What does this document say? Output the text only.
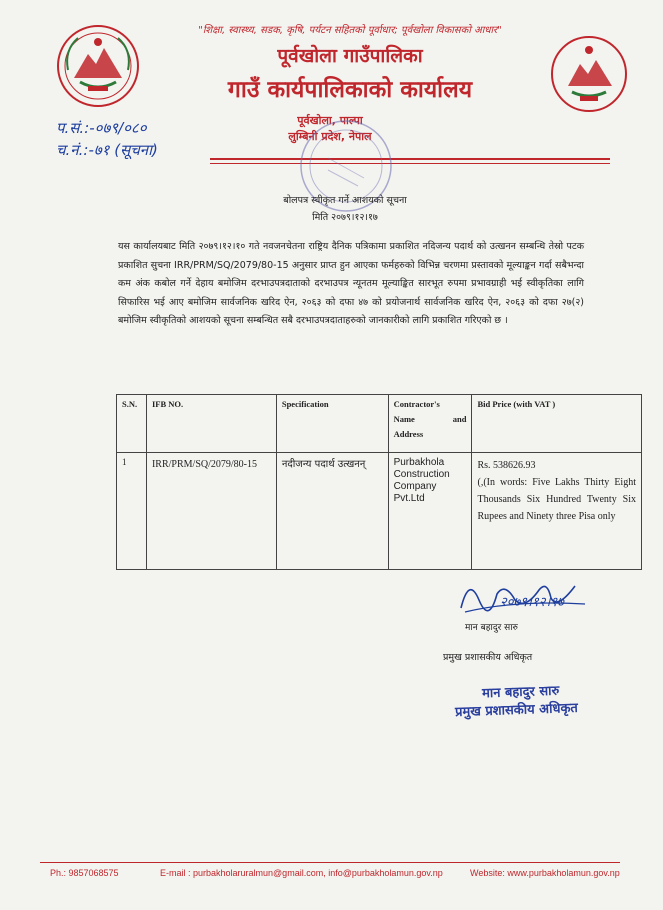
"शिक्षा, स्वास्थ्य, सडक, कृषि, पर्यटन सहितको पूर्वाधार; पूर्वखोला विकासको आधार"
पूर्वखोला गाउँपालिका
गाउँ कार्यपालिकाको कार्यालय
पूर्वखोला, पाल्पा
लुम्बिनी प्रदेश, नेपाल
प.सं.:-०७९/०८०
च.नं.:-७१ (सूचना)
बोलपत्र स्वीकृत गर्ने आशयको सूचना
मिति २०७९।१२।१७
यस कार्यालयबाट मिति २०७९।१२।१० गते नवजनचेतना राष्ट्रिय दैनिक पत्रिकामा प्रकाशित नदिजन्य पदार्थ को उत्खनन सम्बन्धि तेस्रो पटक प्रकाशित सुचना IRR/PRM/SQ/2079/80-15 अनुसार प्राप्त हुन आएका फर्महरुको विभिन्न चरणमा प्रस्तावको मूल्याङ्कन गर्दा सबैभन्दा कम अंक कबोल गर्ने देहाय बमोजिम दरभाउपत्रदाताको दरभाउपत्र न्यूनतम मूल्याङ्कित सारभूत रुपमा प्रभावग्राही भई स्वीकृतिका लागि सिफारिस भई आए बमोजिम सार्वजनिक खरिद ऐन, २०६३ को दफा ४७ को प्रयोजनार्थ सार्वजनिक खरिद ऐन, २०६३ को दफा २७(२) बमोजिम स्वीकृतिको आशयको सूचना सम्बन्धित सबै दरभाउपत्रदाताहरुको जानकारीको लागि प्रकाशित गरिएको छ ।
S.N.	IFB NO.	Specification	Contractor's
Name and
Address	Bid Price (with VAT )
1	IRR/PRM/SQ/2079/80-15	नदीजन्य पदार्थ उत्खनन्	Purbakhola Construction Company Pvt.Ltd	Rs. 538626.93
(,(In words: Five Lakhs Thirty Eight Thousands Six Hundred Twenty Six Rupees and Ninety three Pisa only
२०७९।१२।१७
मान बहादुर सारु
प्रमुख प्रशासकीय अधिकृत
मान बहादुर सारु
प्रमुख प्रशासकीय अधिकृत
Ph.: 9857068575	E-mail : purbakholaruralmun@gmail.com, info@purbakholamun.gov.np	Website: www.purbakholamun.gov.np
